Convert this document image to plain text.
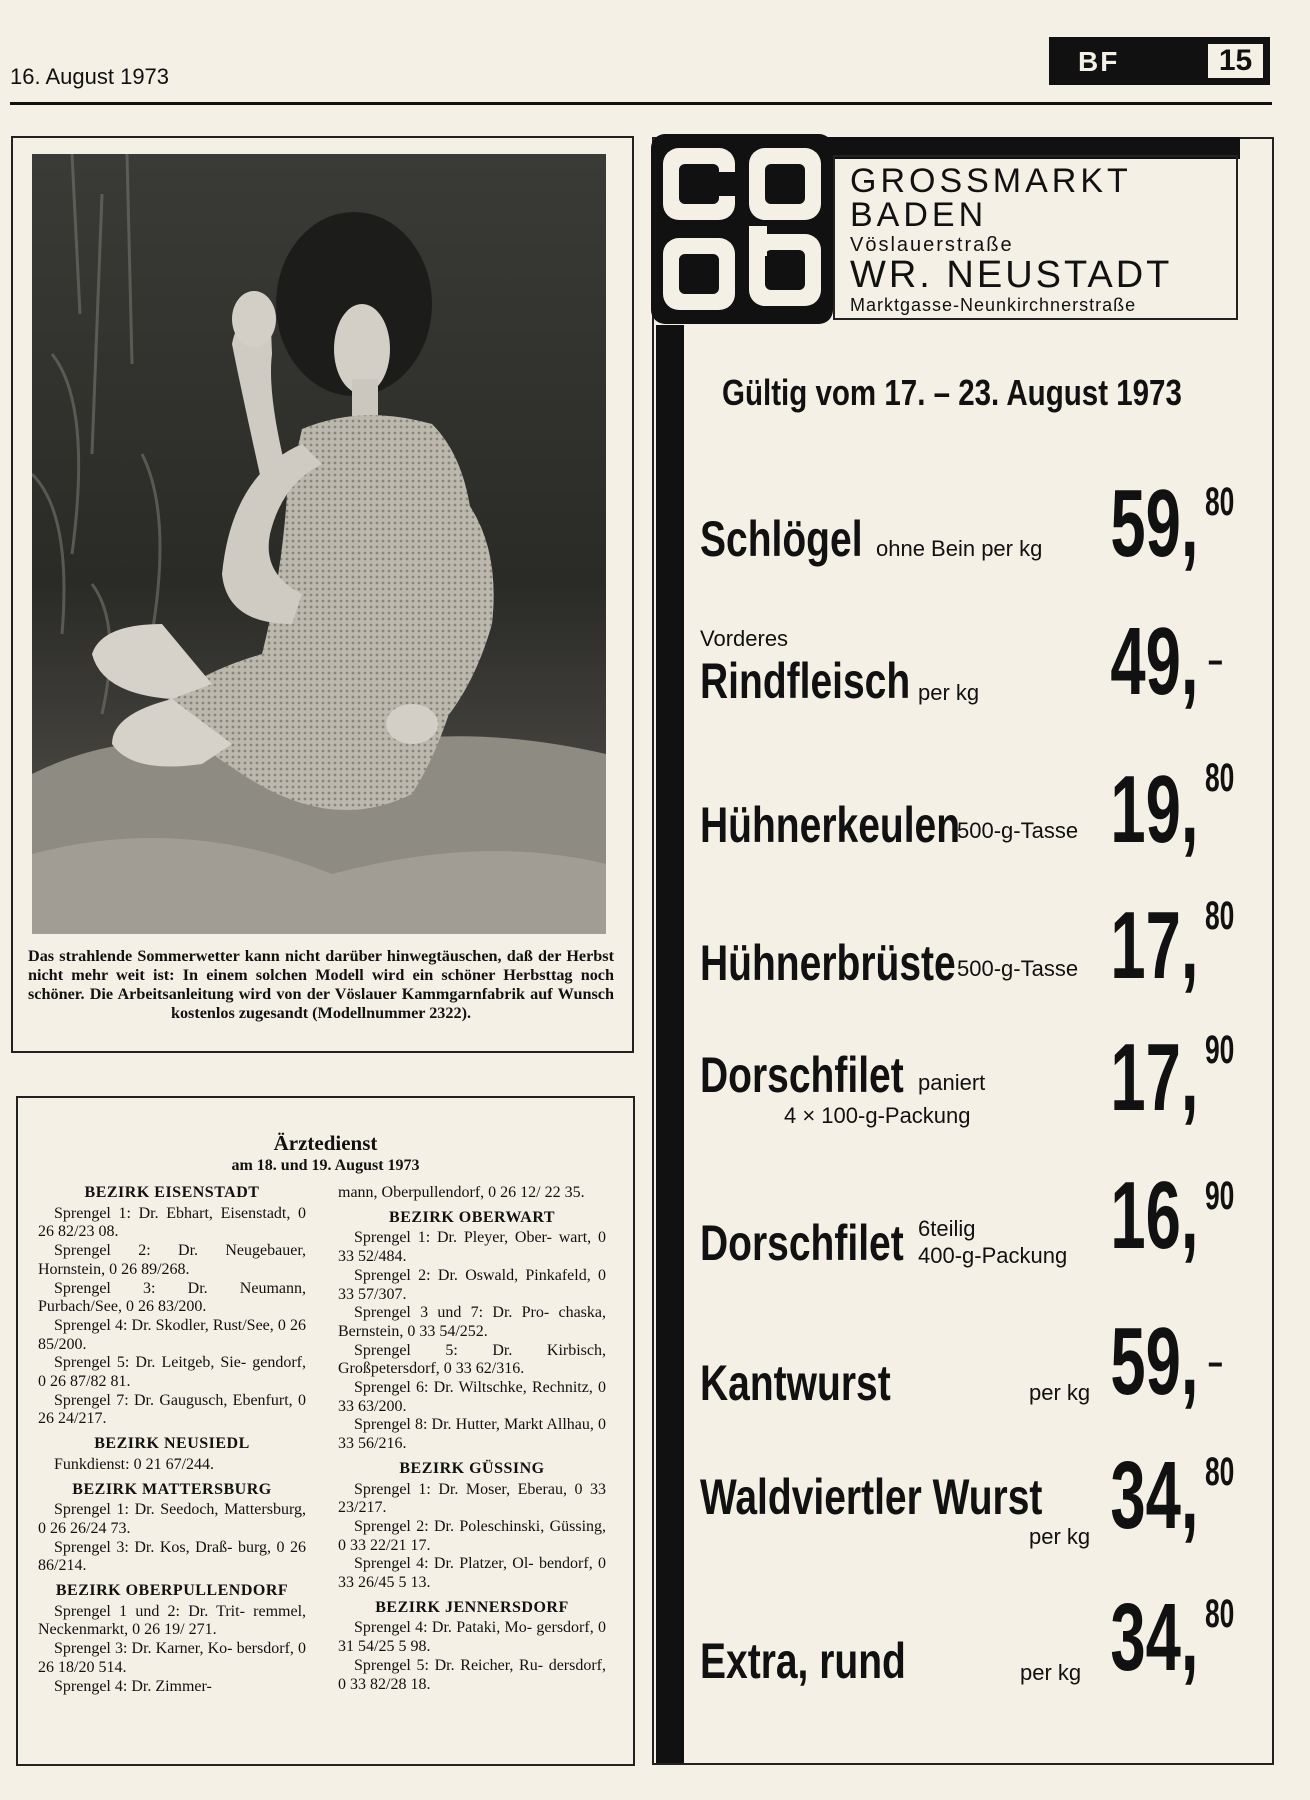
16. August 1973	BF	15
Das strahlende Sommerwetter kann nicht darüber hinwegtäuschen, daß der Herbst nicht mehr weit ist: In einem solchen Modell wird ein schöner Herbsttag noch schöner. Die Arbeitsanleitung wird von der Vöslauer Kammgarnfabrik auf Wunsch kostenlos zugesandt (Modellnummer 2322).
Ärztedienst
am 18. und 19. August 1973
BEZIRK EISENSTADT

Sprengel 1: Dr. Ebhart, Eisenstadt, 0 26 82/23 08.

Sprengel 2: Dr. Neugebauer, Hornstein, 0 26 89/268.

Sprengel 3: Dr. Neumann, Purbach/See, 0 26 83/200.

Sprengel 4: Dr. Skodler, Rust/See, 0 26 85/200.

Sprengel 5: Dr. Leitgeb, Sie- gendorf, 0 26 87/82 81.

Sprengel 7: Dr. Gaugusch, Ebenfurt, 0 26 24/217.

BEZIRK NEUSIEDL

Funkdienst: 0 21 67/244.

BEZIRK MATTERSBURG

Sprengel 1: Dr. Seedoch, Mattersburg, 0 26 26/24 73.

Sprengel 3: Dr. Kos, Draß- burg, 0 26 86/214.

BEZIRK OBERPULLENDORF

Sprengel 1 und 2: Dr. Trit- remmel, Neckenmarkt, 0 26 19/ 271.

Sprengel 3: Dr. Karner, Ko- bersdorf, 0 26 18/20 514.

Sprengel 4: Dr. Zimmer-

mann, Oberpullendorf, 0 26 12/ 22 35.

BEZIRK OBERWART

Sprengel 1: Dr. Pleyer, Ober- wart, 0 33 52/484.

Sprengel 2: Dr. Oswald, Pinkafeld, 0 33 57/307.

Sprengel 3 und 7: Dr. Pro- chaska, Bernstein, 0 33 54/252.

Sprengel 5: Dr. Kirbisch, Großpetersdorf, 0 33 62/316.

Sprengel 6: Dr. Wiltschke, Rechnitz, 0 33 63/200.

Sprengel 8: Dr. Hutter, Markt Allhau, 0 33 56/216.

BEZIRK GÜSSING

Sprengel 1: Dr. Moser, Eberau, 0 33 23/217.

Sprengel 2: Dr. Poleschinski, Güssing, 0 33 22/21 17.

Sprengel 4: Dr. Platzer, Ol- bendorf, 0 33 26/45 5 13.

BEZIRK JENNERSDORF

Sprengel 4: Dr. Pataki, Mo- gersdorf, 0 31 54/25 5 98.

Sprengel 5: Dr. Reicher, Ru- dersdorf, 0 33 82/28 18.

GROSSMARKT
BADEN
Vöslauerstraße
WR. NEUSTADT
Marktgasse-Neunkirchnerstraße
Gültig vom 17. – 23. August 1973
Schlögel ohne Bein per kg 59, 80
Vorderes
Rindfleisch per kg 49, –
Hühnerkeulen
500-g-Tasse 19, 80
Hühnerbrüste 500-g-Tasse 17, 80
Dorschfilet paniert
4 × 100-g-Packung 17, 90
Dorschfilet 6teilig
400-g-Packung 16, 90
Kantwurst	per kg 59, –
Waldviertler Wurst
per kg 34, 80
Extra, rund	per kg 34, 80
